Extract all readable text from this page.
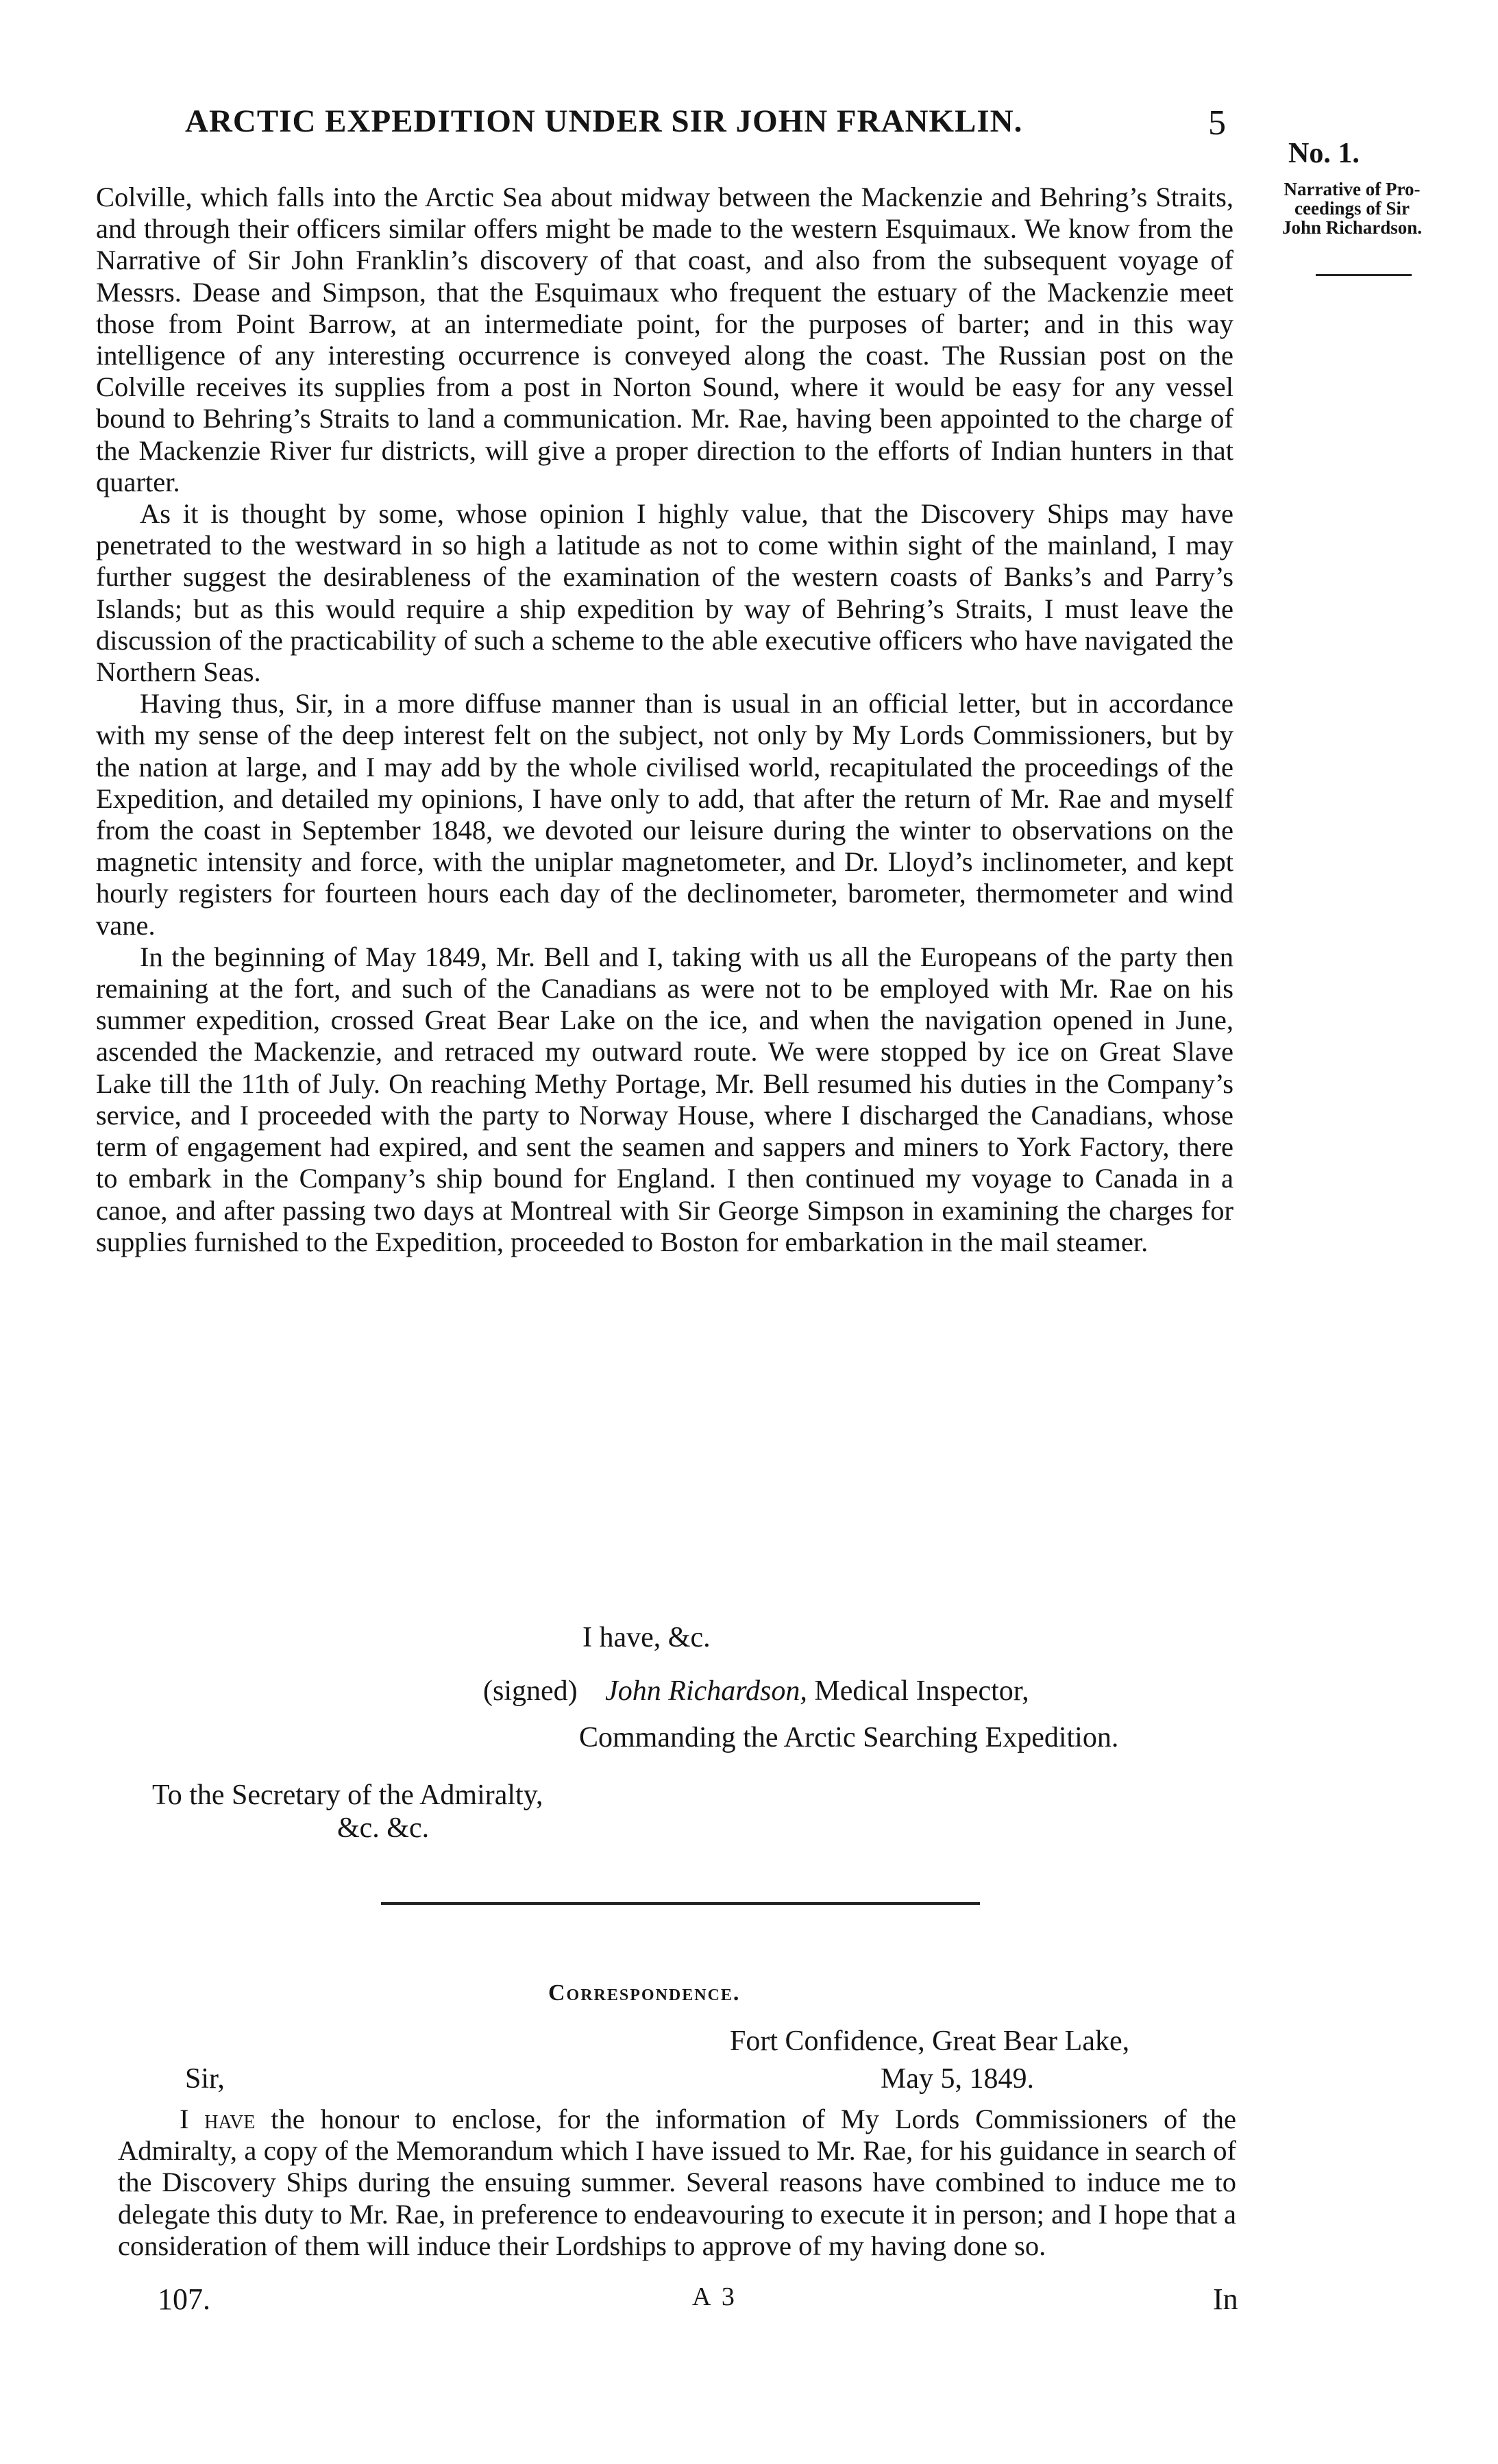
ARCTIC EXPEDITION UNDER SIR JOHN FRANKLIN.	5
No. 1.
Narrative of Pro-
ceedings of Sir
John Richardson.

Colville, which falls into the Arctic Sea about midway between the Mackenzie and Behring’s Straits, and through their officers similar offers might be made to the western Esquimaux. We know from the Narrative of Sir John Franklin’s discovery of that coast, and also from the subsequent voyage of Messrs. Dease and Simpson, that the Esquimaux who frequent the estuary of the Mackenzie meet those from Point Barrow, at an intermediate point, for the purposes of barter; and in this way intelligence of any interesting occurrence is conveyed along the coast. The Russian post on the Colville receives its supplies from a post in Norton Sound, where it would be easy for any vessel bound to Behring’s Straits to land a communication. Mr. Rae, having been appointed to the charge of the Mackenzie River fur districts, will give a proper direction to the efforts of Indian hunters in that quarter.

As it is thought by some, whose opinion I highly value, that the Discovery Ships may have penetrated to the westward in so high a latitude as not to come within sight of the mainland, I may further suggest the desirableness of the examination of the western coasts of Banks’s and Parry’s Islands; but as this would require a ship expedition by way of Behring’s Straits, I must leave the discussion of the practicability of such a scheme to the able executive officers who have navigated the Northern Seas.

Having thus, Sir, in a more diffuse manner than is usual in an official letter, but in accordance with my sense of the deep interest felt on the subject, not only by My Lords Commissioners, but by the nation at large, and I may add by the whole civilised world, recapitulated the proceedings of the Expedition, and detailed my opinions, I have only to add, that after the return of Mr. Rae and myself from the coast in September 1848, we devoted our leisure during the winter to observations on the magnetic intensity and force, with the uniplar magnetometer, and Dr. Lloyd’s inclinometer, and kept hourly registers for fourteen hours each day of the declinometer, barometer, thermometer and wind vane.

In the beginning of May 1849, Mr. Bell and I, taking with us all the Europeans of the party then remaining at the fort, and such of the Canadians as were not to be employed with Mr. Rae on his summer expedition, crossed Great Bear Lake on the ice, and when the navigation opened in June, ascended the Mackenzie, and retraced my outward route. We were stopped by ice on Great Slave Lake till the 11th of July. On reaching Methy Portage, Mr. Bell resumed his duties in the Company’s service, and I proceeded with the party to Norway House, where I discharged the Canadians, whose term of engagement had expired, and sent the seamen and sappers and miners to York Factory, there to embark in the Company’s ship bound for England. I then continued my voyage to Canada in a canoe, and after passing two days at Montreal with Sir George Simpson in examining the charges for supplies furnished to the Expedition, proceeded to Boston for embarkation in the mail steamer.

I have, &c.
(signed) John Richardson, Medical Inspector,
Commanding the Arctic Searching Expedition.
To the Secretary of the Admiralty,
&c. &c.
Correspondence.
Fort Confidence, Great Bear Lake,
Sir,	May 5, 1849.

I have the honour to enclose, for the information of My Lords Commissioners of the Admiralty, a copy of the Memorandum which I have issued to Mr. Rae, for his guidance in search of the Discovery Ships during the ensuing summer. Several reasons have combined to induce me to delegate this duty to Mr. Rae, in preference to endeavouring to execute it in person; and I hope that a consideration of them will induce their Lordships to approve of my having done so.

107.	A 3	In
